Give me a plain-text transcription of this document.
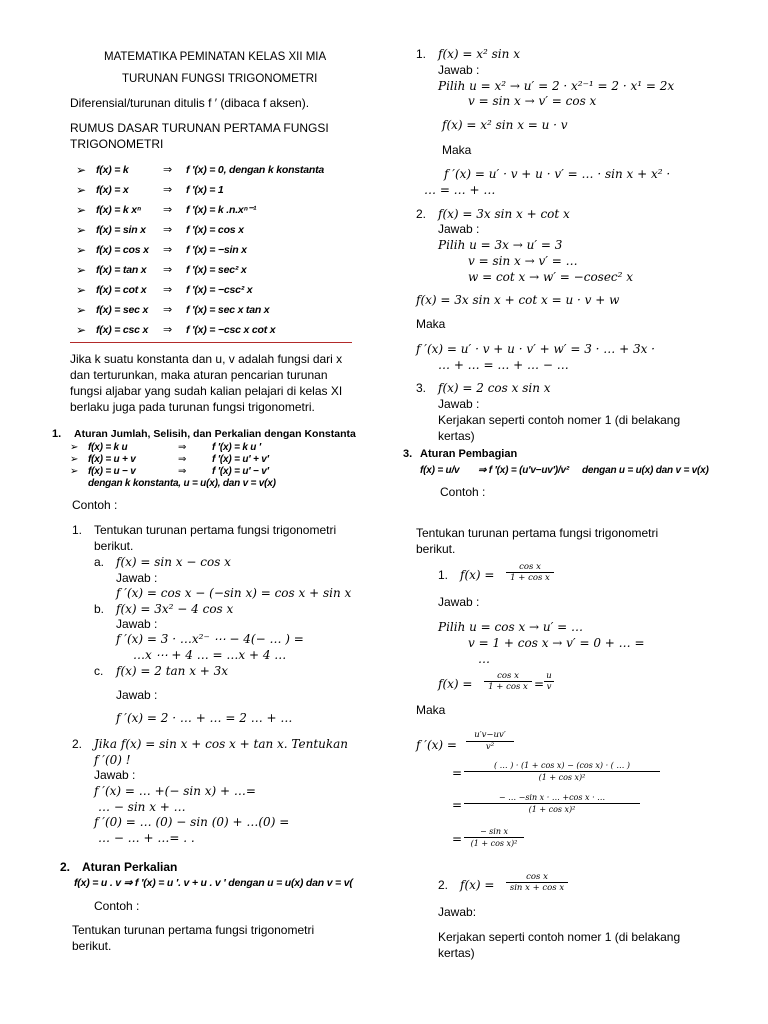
MATEMATIKA PEMINATAN KELAS XII MIA
TURUNAN FUNGSI TRIGONOMETRI
Diferensial/turunan ditulis f ′ (dibaca f aksen).
RUMUS DASAR TURUNAN PERTAMA FUNGSI
TRIGONOMETRI
➢ f(x) = k	⇒ f ′(x) = 0, dengan k konstanta
➢ f(x) = x	⇒ f ′(x) = 1
➢ f(x) = k xⁿ ⇒ f ′(x) = k .n.xⁿ⁻¹
➢ f(x) = sin x ⇒ f ′(x) = cos x
➢ f(x) = cos x ⇒ f ′(x) = −sin x
➢ f(x) = tan x ⇒ f ′(x) = sec² x
➢ f(x) = cot x ⇒ f ′(x) = −csc² x
➢ f(x) = sec x ⇒ f ′(x) = sec x tan x
➢ f(x) = csc x ⇒ f ′(x) = −csc x cot x
Jika k suatu konstanta dan u, v adalah fungsi dari x
dan terturunkan, maka aturan pencarian turunan
fungsi aljabar yang sudah kalian pelajari di kelas XI
berlaku juga pada turunan fungsi trigonometri.
1. Aturan Jumlah, Selisih, dan Perkalian dengan Konstanta
➢ f(x) = k u	⇒	f ′(x) = k u ′
➢ f(x) = u + v	⇒	f ′(x) = u′ + v′
➢ f(x) = u − v	⇒	f ′(x) = u′ − v′
dengan k konstanta, u = u(x), dan v = v(x)
Contoh :
1. Tentukan turunan pertama fungsi trigonometri
berikut.
a. f(x) = sin x − cos x
Jawab :
f ′(x) = cos x − (−sin x) = cos x + sin x
b. f(x) = 3x² − 4 cos x
Jawab :
f ′(x) = 3 · …x²⁻ ⋯ − 4(− … ) =
…x ⋯ + 4 … = …x + 4 …
c. f(x) = 2 tan x + 3x
Jawab :
f ′(x) = 2 · … + … = 2 … + …
2. Jika f(x) = sin x + cos x + tan x. Tentukan
f ′(0) !
Jawab :
f ′(x) = … +(− sin x) + …=
… − sin x + …
f ′(0) = … (0) − sin (0) + …(0) =
… − … + …= . .
2. Aturan Perkalian
f(x) = u . v ⇒ f ′(x) = u ′. v + u . v ′ dengan u = u(x) dan v = v(
Contoh :
Tentukan turunan pertama fungsi trigonometri
berikut.
1. f(x) = x² sin x
Jawab :
Pilih u = x² → u′ = 2 · x²⁻¹ = 2 · x¹ = 2x
v = sin x → v′ = cos x
f(x) = x² sin x = u · v
Maka
f ′(x) = u′ · v + u · v′ = … · sin x + x² ·
… = … + …
2. f(x) = 3x sin x + cot x
Jawab :
Pilih u = 3x → u′ = 3
v = sin x → v′ = …
w = cot x → w′ = −cosec² x
f(x) = 3x sin x + cot x = u · v + w
Maka
f ′(x) = u′ · v + u · v′ + w′ = 3 · … + 3x ·
… + … = … + … − …
3. f(x) = 2 cos x sin x
Jawab :
Kerjakan seperti contoh nomer 1 (di belakang
kertas)
3. Aturan Pembagian
f(x) = u/v ⇒ f ′(x) = (u′v−uv′)/v² dengan u = u(x) dan v = v(x)
Contoh :
Tentukan turunan pertama fungsi trigonometri
berikut.
1. f(x) =
cos x
1 + cos x
Jawab :
Pilih u = cos x → u′ = …
v = 1 + cos x → v′ = 0 + … =
…
f(x) =
cos x
1 + cos x =
u
v
Maka
f ′(x) =
u′v−uv′
v²
=
( … ) · (1 + cos x) − (cos x) · ( … )
(1 + cos x)²
=
− … −sin x · … +cos x · …
(1 + cos x)²
=
− sin x
(1 + cos x)²
2. f(x) =
cos x
sin x + cos x
Jawab:
Kerjakan seperti contoh nomer 1 (di belakang
kertas)
